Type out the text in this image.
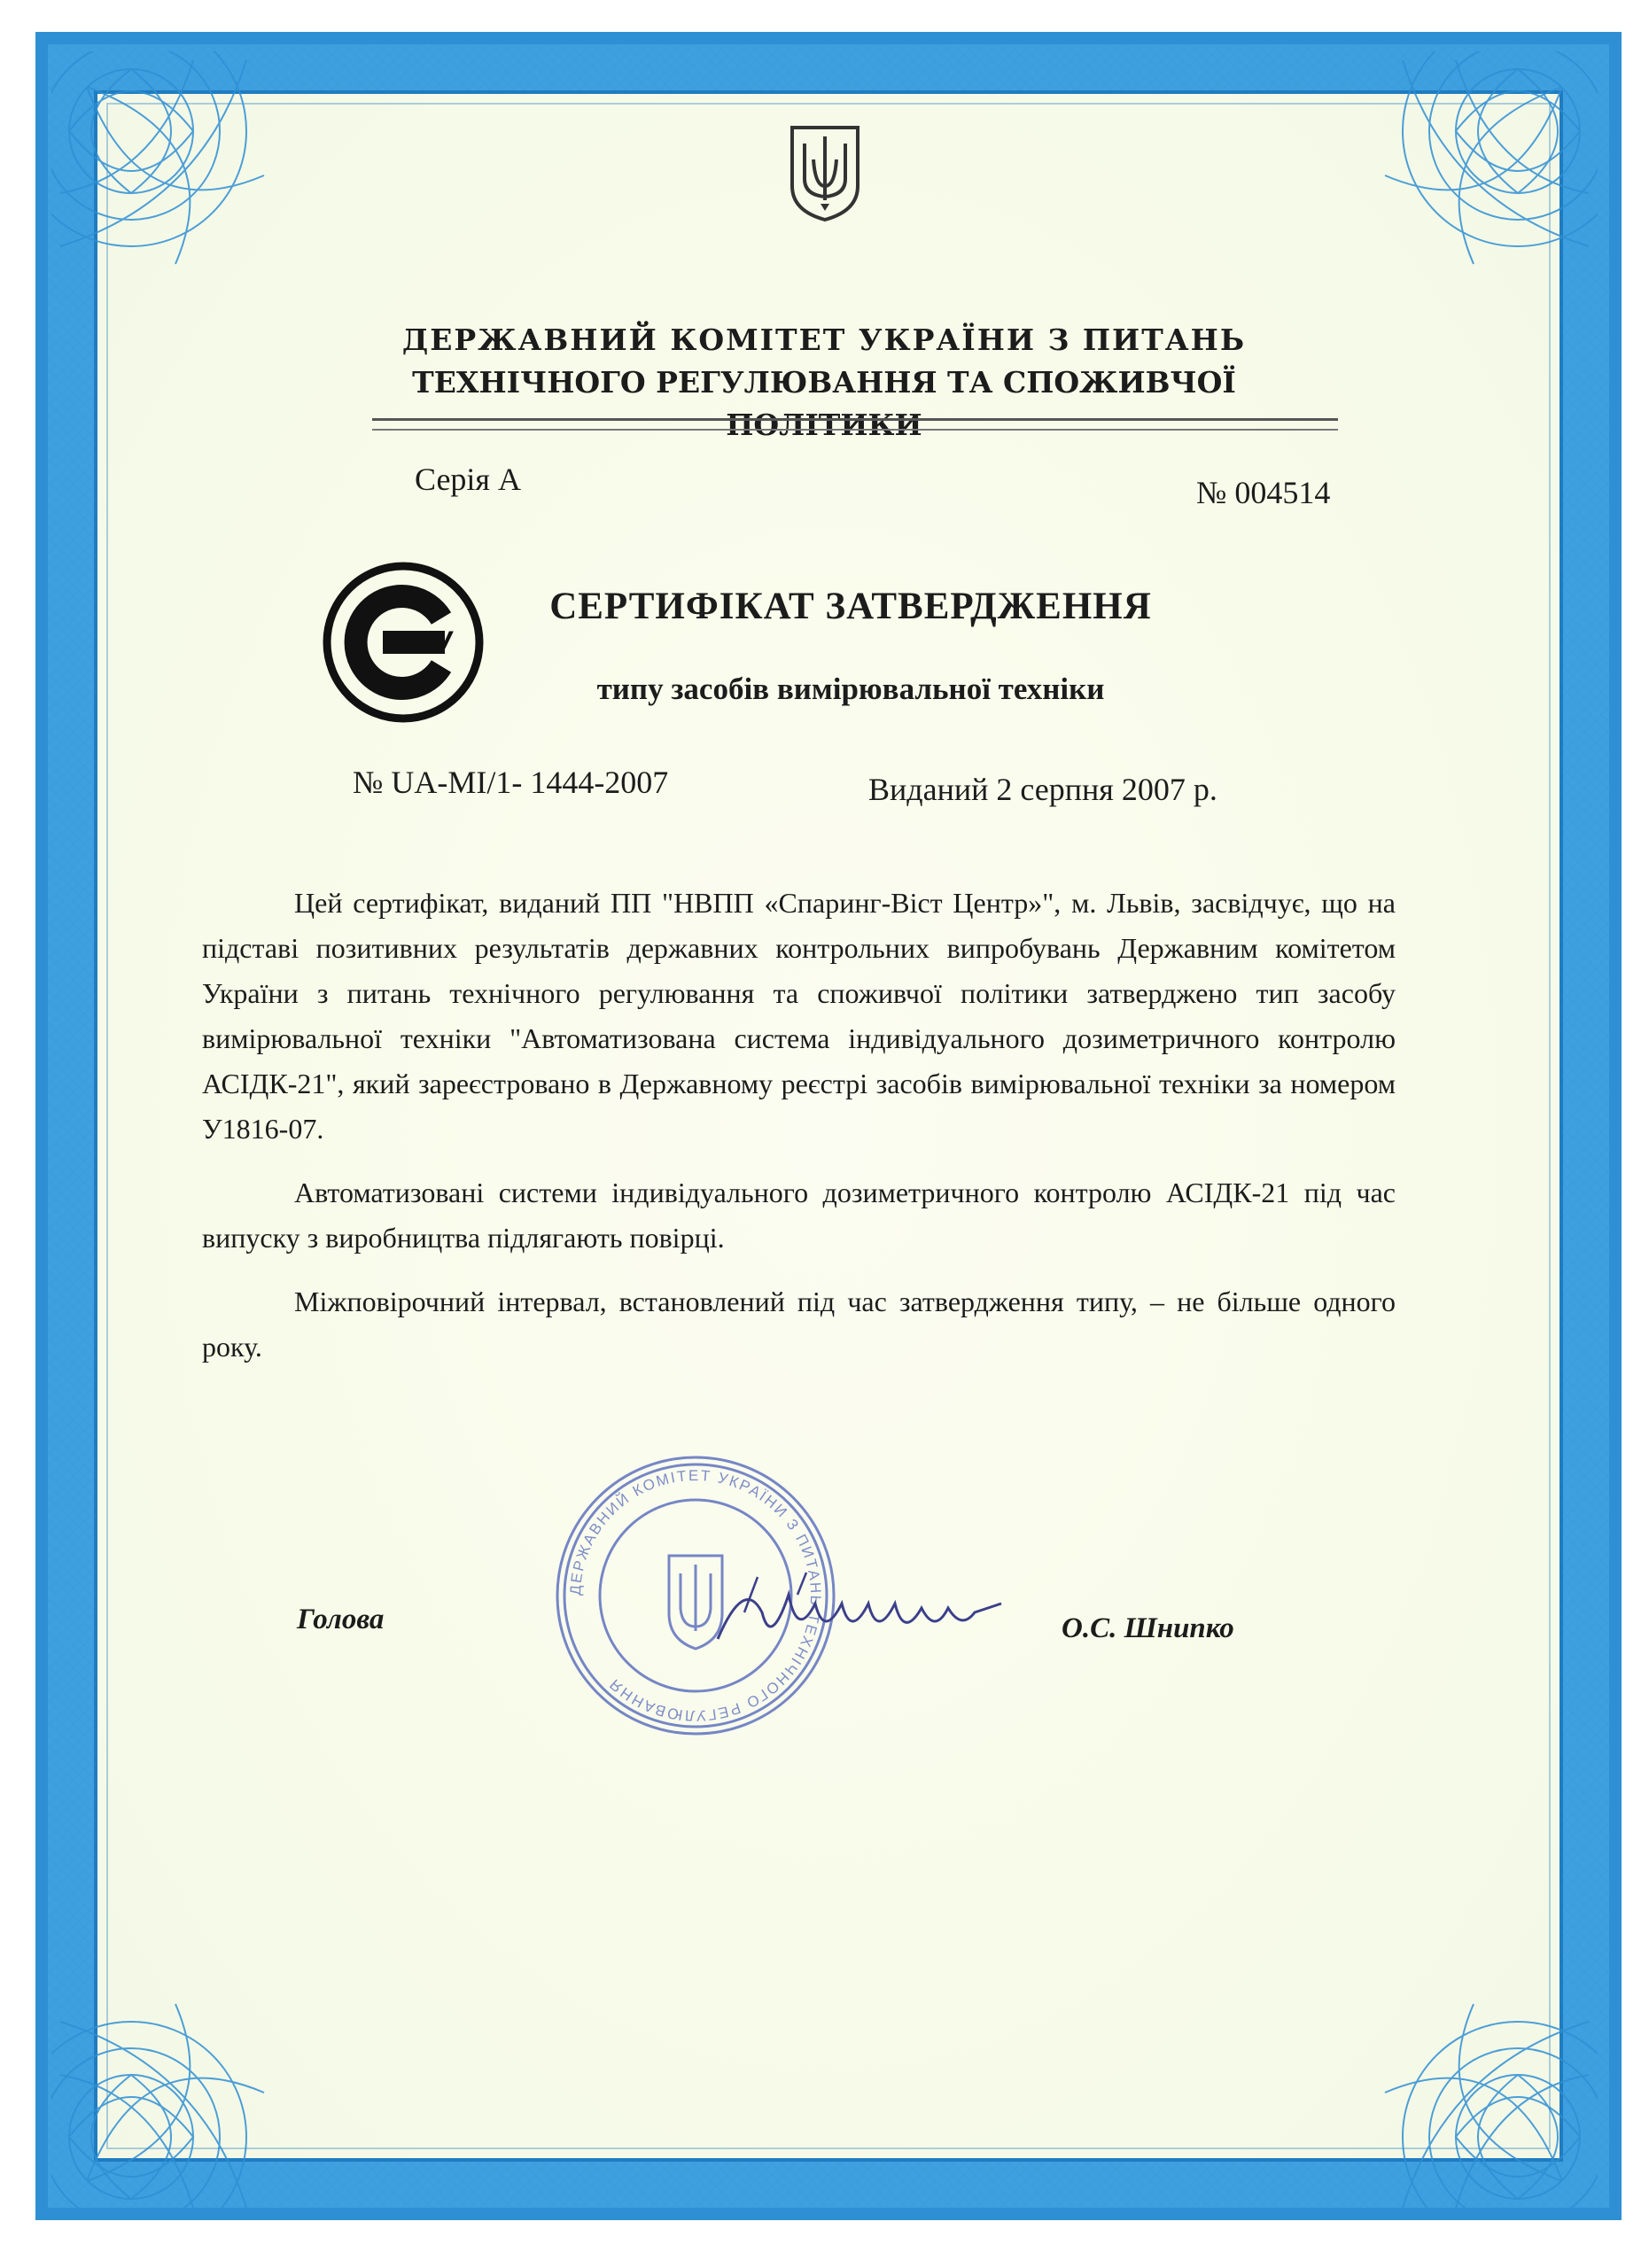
ДЕРЖАВНИЙ КОМІТЕТ УКРАЇНИ З ПИТАНЬ
ТЕХНІЧНОГО РЕГУЛЮВАННЯ ТА СПОЖИВЧОЇ ПОЛІТИКИ
Серія А	№ 004514
У
СЕРТИФІКАТ ЗАТВЕРДЖЕННЯ
типу засобів вимірювальної техніки
№ UA-MI/1- 1444-2007	Виданий 2 серпня 2007 р.

Цей сертифікат, виданий ПП "НВПП «Спаринг-Віст Центр»", м. Львів, засвідчує, що на підставі позитивних результатів державних контрольних випробувань Державним комітетом України з питань технічного регулювання та споживчої політики затверджено тип засобу вимірювальної техніки "Автоматизована система індивідуального дозиметричного контролю АСІДК-21", який зареєстровано в Державному реєстрі засобів вимірювальної техніки за номером У1816-07.

Автоматизовані системи індивідуального дозиметричного контролю АСІДК-21 під час випуску з виробництва підлягають повірці.

Міжповірочний інтервал, встановлений під час затвердження типу, – не більше одного року.

ДЕРЖАВНИЙ КОМІТЕТ УКРАЇНИ З ПИТАНЬ ТЕХНІЧНОГО РЕГУЛЮВАННЯ
Голова	О.С. Шнипко
